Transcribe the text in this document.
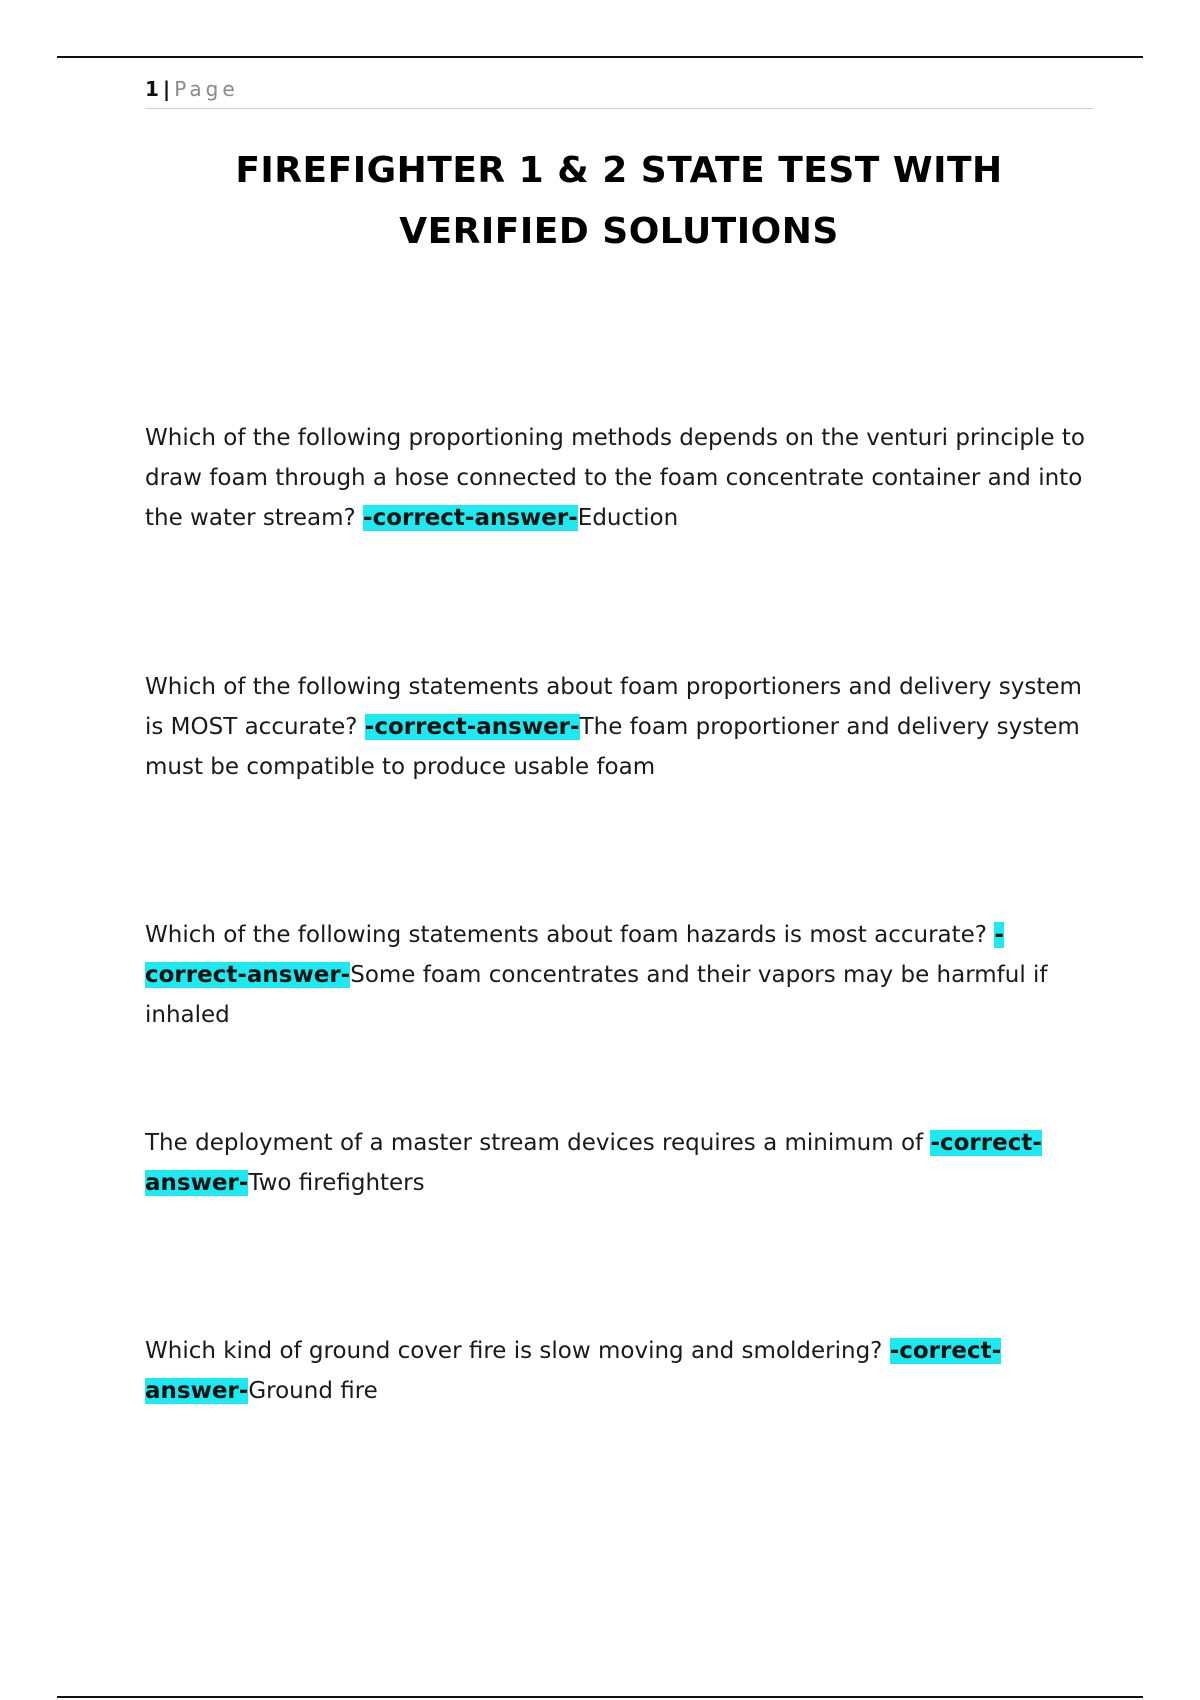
1 | Page
FIREFIGHTER 1 & 2 STATE TEST WITH
VERIFIED SOLUTIONS

Which of the following proportioning methods depends on the venturi principle to draw foam through a hose connected to the foam concentrate container and into the water stream? -correct-answer-Eduction

Which of the following statements about foam proportioners and delivery system is MOST accurate? -correct-answer-The foam proportioner and delivery system must be compatible to produce usable foam

Which of the following statements about foam hazards is most accurate? -correct-answer-Some foam concentrates and their vapors may be harmful if inhaled

The deployment of a master stream devices requires a minimum of -correct-answer-Two firefighters

Which kind of ground cover fire is slow moving and smoldering? -correct-answer-Ground fire
